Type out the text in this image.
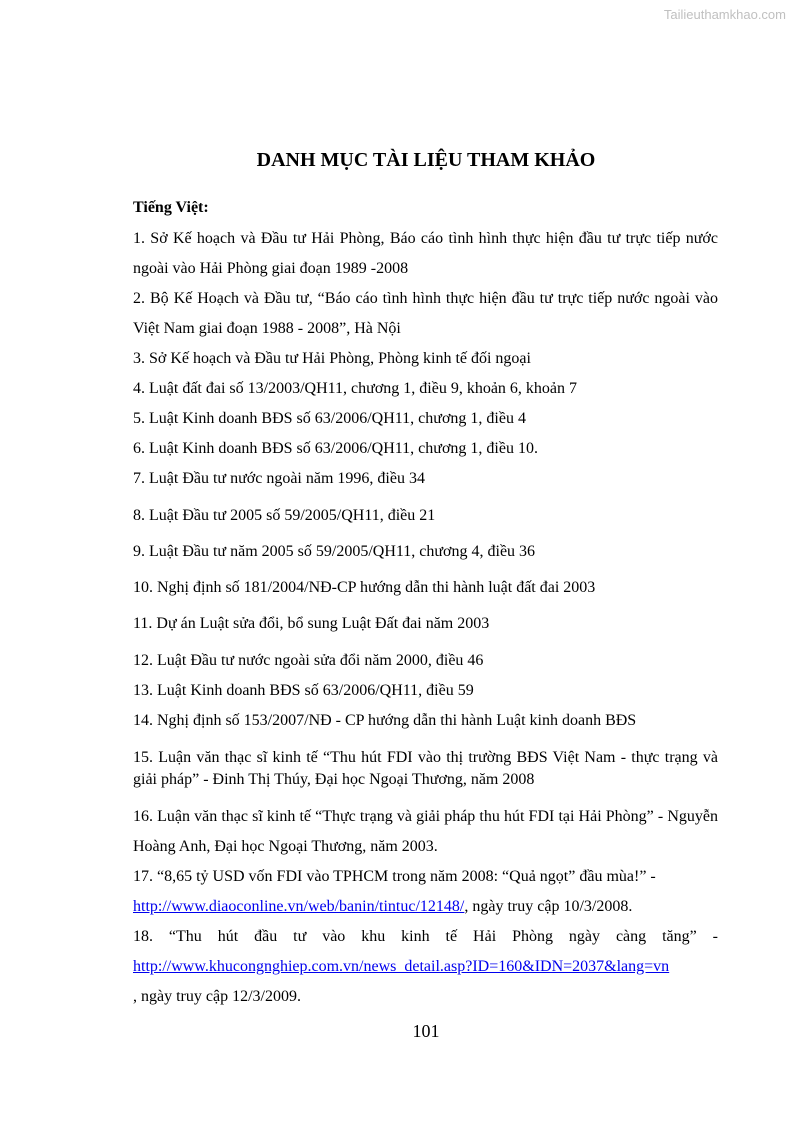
Tailieuthamkhao.com
DANH MỤC TÀI LIỆU THAM KHẢO
Tiếng Việt:
1. Sở Kế hoạch và Đầu tư Hải Phòng, Báo cáo tình hình thực hiện đầu tư trực tiếp nước ngoài vào Hải Phòng giai đoạn 1989 -2008
2. Bộ Kế Hoạch và Đầu tư, “Báo cáo tình hình thực hiện đầu tư trực tiếp nước ngoài vào Việt Nam giai đoạn 1988 - 2008”, Hà Nội
3. Sở Kế hoạch và Đầu tư Hải Phòng, Phòng kinh tế đối ngoại
4. Luật đất đai số 13/2003/QH11, chương 1, điều 9, khoản 6, khoản 7
5. Luật Kinh doanh BĐS số 63/2006/QH11, chương 1, điều 4
6. Luật Kinh doanh BĐS số 63/2006/QH11, chương 1, điều 10.
7. Luật Đầu tư nước ngoài năm 1996, điều 34
8. Luật Đầu tư 2005 số 59/2005/QH11, điều 21
9. Luật Đầu tư năm 2005 số 59/2005/QH11, chương 4, điều 36
10. Nghị định số 181/2004/NĐ-CP hướng dẫn thi hành luật đất đai 2003
11. Dự án Luật sửa đổi, bổ sung Luật Đất đai năm 2003
12. Luật Đầu tư nước ngoài sửa đổi năm 2000, điều 46
13. Luật Kinh doanh BĐS số 63/2006/QH11, điều 59
14. Nghị định số 153/2007/NĐ - CP hướng dẫn thi hành Luật kinh doanh BĐS
15. Luận văn thạc sĩ kinh tế “Thu hút FDI vào thị trường BĐS Việt Nam - thực trạng và giải pháp” - Đinh Thị Thúy, Đại học Ngoại Thương, năm 2008
16. Luận văn thạc sĩ kinh tế “Thực trạng và giải pháp thu hút FDI tại Hải Phòng” - Nguyễn Hoàng Anh, Đại học Ngoại Thương, năm 2003.
17. “8,65 tỷ USD vốn FDI vào TPHCM trong năm 2008: “Quả ngọt” đầu mùa!” -
http://www.diaoconline.vn/web/banin/tintuc/12148/, ngày truy cập 10/3/2008.
18. “Thu hút đầu tư vào khu kinh tế Hải Phòng ngày càng tăng” -
http://www.khucongnghiep.com.vn/news_detail.asp?ID=160&IDN=2037&lang=vn
, ngày truy cập 12/3/2009.
101
